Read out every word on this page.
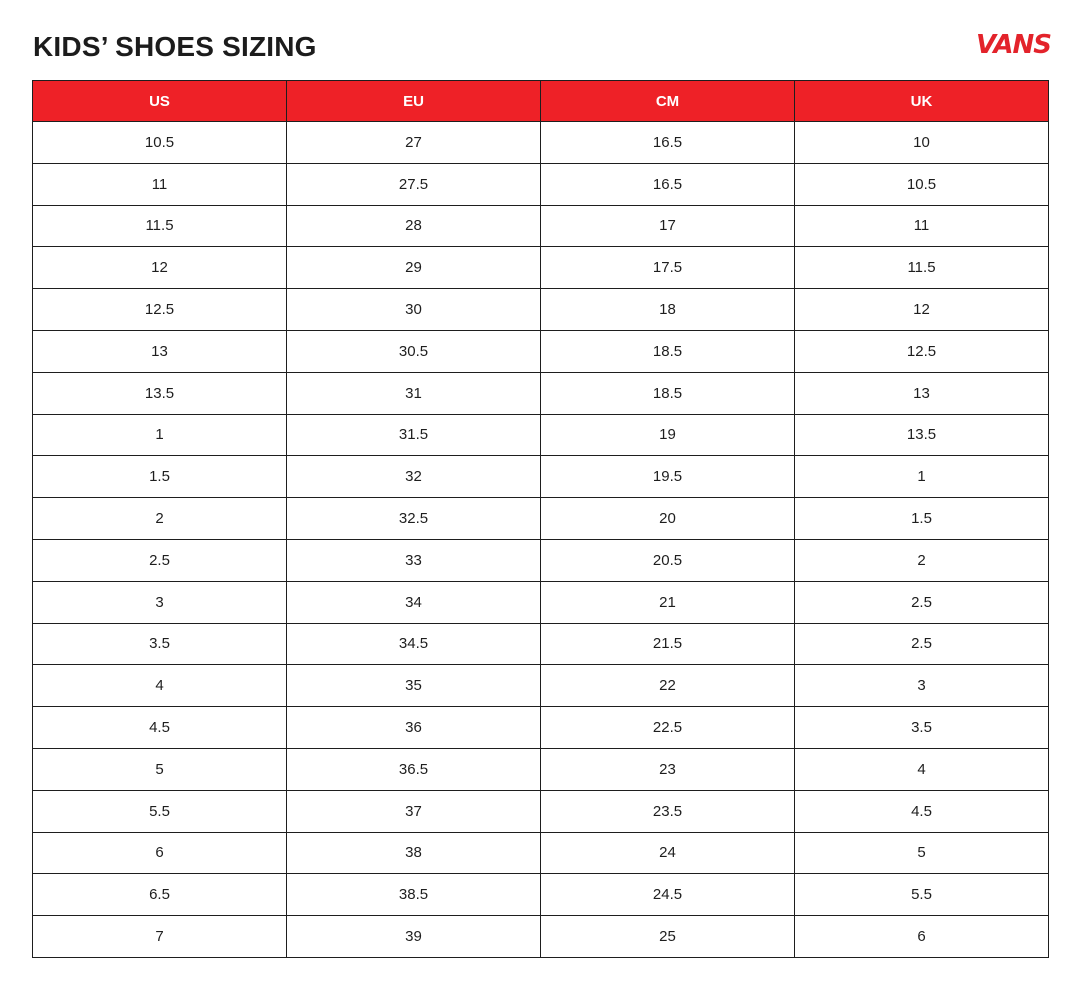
KIDS’ SHOES SIZING	VANS
US	EU	CM	UK
10.5	27	16.5	10
11	27.5	16.5	10.5
11.5	28	17	11
12	29	17.5	11.5
12.5	30	18	12
13	30.5	18.5	12.5
13.5	31	18.5	13
1	31.5	19	13.5
1.5	32	19.5	1
2	32.5	20	1.5
2.5	33	20.5	2
3	34	21	2.5
3.5	34.5	21.5	2.5
4	35	22	3
4.5	36	22.5	3.5
5	36.5	23	4
5.5	37	23.5	4.5
6	38	24	5
6.5	38.5	24.5	5.5
7	39	25	6
